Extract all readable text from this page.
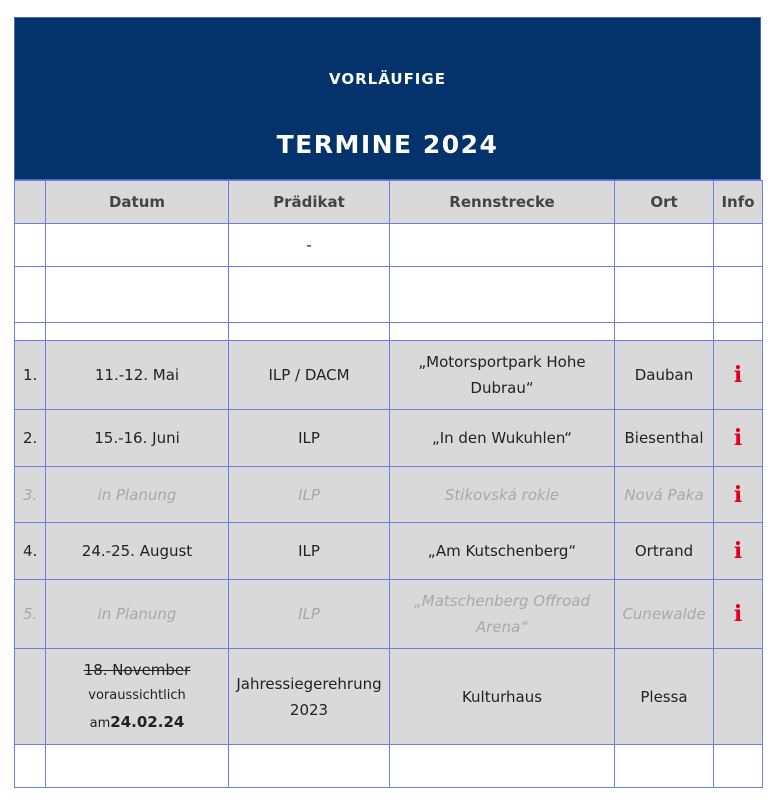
VORLÄUFIGE
TERMINE 2024
	Datum	Prädikat	Rennstrecke	Ort	Info
		-			

1.	11.-12. Mai	ILP / DACM	„Motorsportpark Hohe Dubrau“	Dauban	i
2.	15.-16. Juni	ILP	„In den Wukuhlen“	Biesenthal	i
3.	in Planung	ILP	Stikovská rokle	Nová Paka	i
4.	24.-25. August	ILP	„Am Kutschenberg“	Ortrand	i
5.	in Planung	ILP	„Matschenberg Offroad Arena“	Cunewalde	i

	18. November
voraussichtlich
am24.02.24	Jahressiegerehrung 2023	Kulturhaus	Plessa	
